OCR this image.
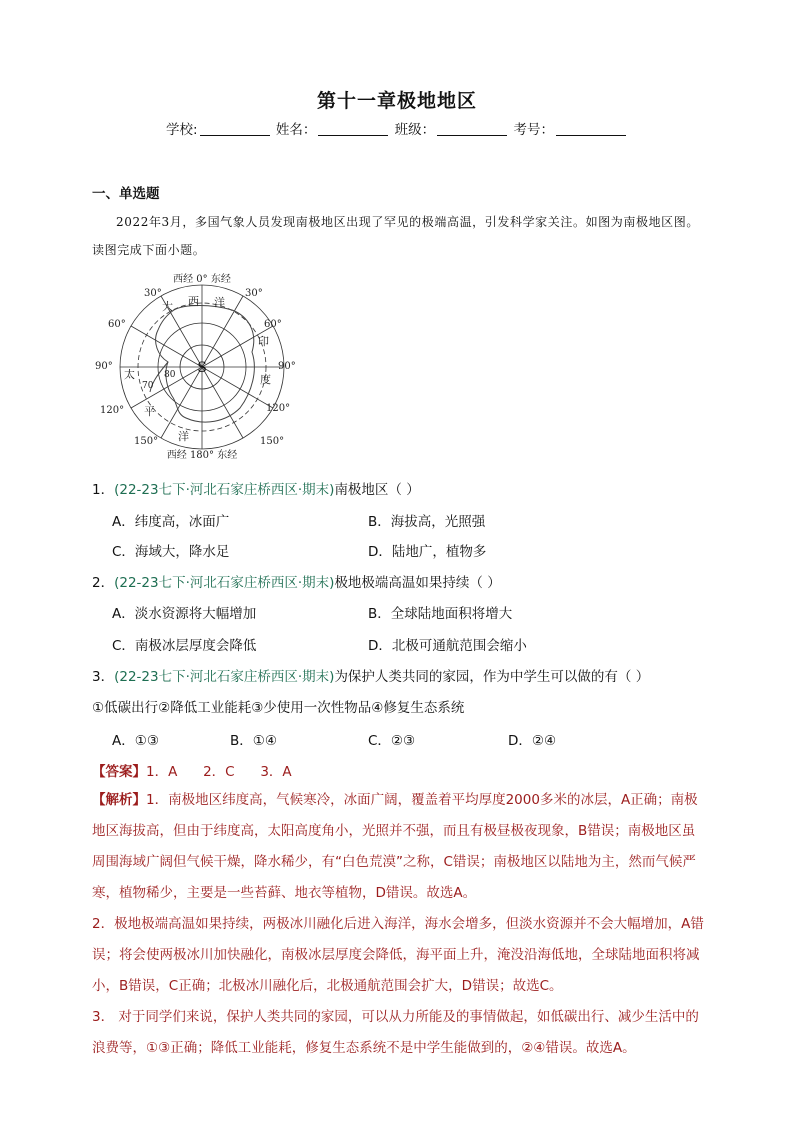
第十一章极地地区
学校:	姓名：	班级：	考号：
一、单选题
2022年3月，多国气象人员发现南极地区出现了罕见的极端高温，引发科学家关注。如图为南极地区图。读图完成下面小题。
西经 0° 东经
西经 180° 东经
30°	30°
60°	60°
90°	90°
120°	120°
150°	150°
大 西 洋
印
度
太
平
洋
S
70
80
1．(22-23七下·河北石家庄桥西区·期末)南极地区（ ）
A．纬度高，冰面广	B．海拔高，光照强
C．海域大，降水足	D．陆地广，植物多
2．(22-23七下·河北石家庄桥西区·期末)极地极端高温如果持续（ ）
A．淡水资源将大幅增加	B．全球陆地面积将增大
C．南极冰层厚度会降低	D．北极可通航范围会缩小
3．(22-23七下·河北石家庄桥西区·期末)为保护人类共同的家园，作为中学生可以做的有（ ）
①低碳出行②降低工业能耗③少使用一次性物品④修复生态系统
A．①③	B．①④	C．②③	D．②④
【答案】1．A      2．C      3．A
【解析】1．南极地区纬度高，气候寒冷，冰面广阔，覆盖着平均厚度2000多米的冰层，A正确；南极地区海拔高，但由于纬度高，太阳高度角小，光照并不强，而且有极昼极夜现象，B错误；南极地区虽周围海域广阔但气候干燥，降水稀少，有“白色荒漠”之称，C错误；南极地区以陆地为主，然而气候严寒，植物稀少，主要是一些苔藓、地衣等植物，D错误。故选A。
2．极地极端高温如果持续，两极冰川融化后进入海洋，海水会增多，但淡水资源并不会大幅增加，A错误；将会使两极冰川加快融化，南极冰层厚度会降低，海平面上升，淹没沿海低地，全球陆地面积将减小，B错误，C正确；北极冰川融化后，北极通航范围会扩大，D错误；故选C。
3． 对于同学们来说，保护人类共同的家园，可以从力所能及的事情做起，如低碳出行、减少生活中的浪费等，①③正确；降低工业能耗，修复生态系统不是中学生能做到的，②④错误。故选A。
